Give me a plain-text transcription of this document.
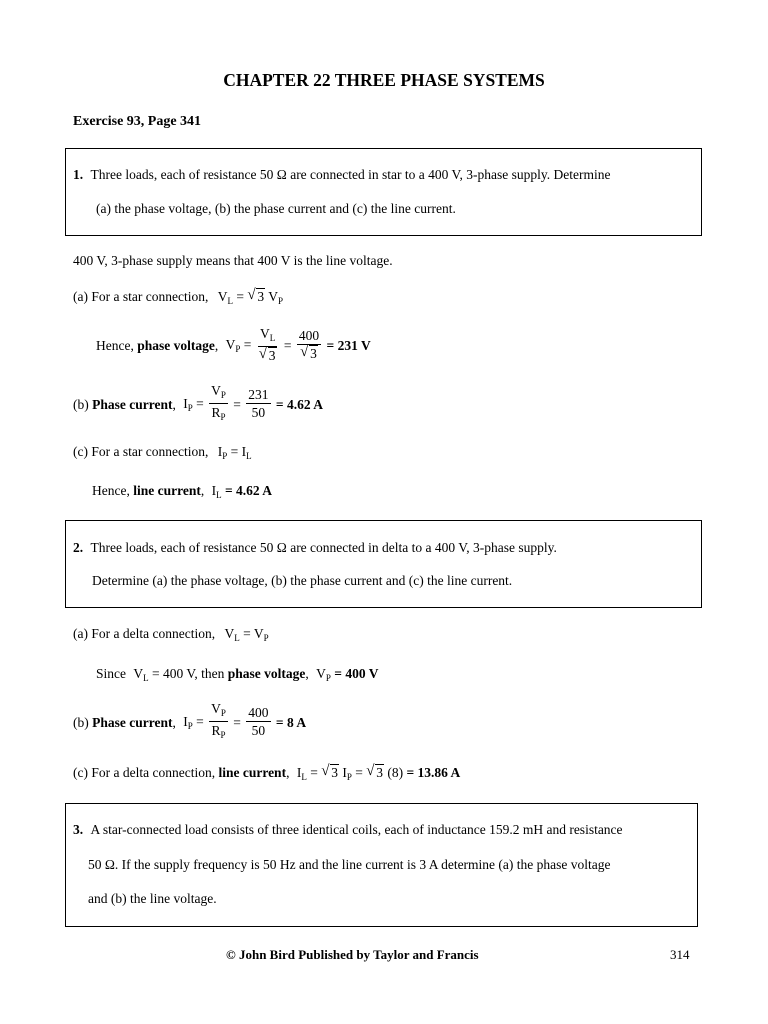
CHAPTER 22 THREE PHASE SYSTEMS
Exercise 93, Page 341
1. Three loads, each of resistance 50 Ω are connected in star to a 400 V, 3-phase supply. Determine
(a) the phase voltage, (b) the phase current and (c) the line current.
400 V, 3-phase supply means that 400 V is the line voltage.
(a) For a star connection, $V_L$ = √ 3 $V_P$
Hence, phase voltage, $V_P = \frac{V_L}{√ 3} = \frac{400}{√ 3} = 231$ V
(b) Phase current, $I_P = \frac{V_P}{R_P} = \frac{231}{50} = 4.62$ A
(c) For a star connection, $I_P = I_L$
Hence, line current, $I_L = 4.62$ A
2. Three loads, each of resistance 50 Ω are connected in delta to a 400 V, 3-phase supply.
Determine (a) the phase voltage, (b) the phase current and (c) the line current.
(a) For a delta connection, $V_L = V_P$
Since $V_L = 400$ V, then phase voltage, $V_P = 400$ V
(b) Phase current, $I_P = \frac{V_P}{R_P} = \frac{400}{50} = 8$ A
(c) For a delta connection, line current, $I_L$ = √ 3 $I_P$ = √ 3 (8) = 13.86 A
3. A star-connected load consists of three identical coils, each of inductance 159.2 mH and resistance
50 Ω. If the supply frequency is 50 Hz and the line current is 3 A determine (a) the phase voltage
and (b) the line voltage.
© John Bird Published by Taylor and Francis	314
